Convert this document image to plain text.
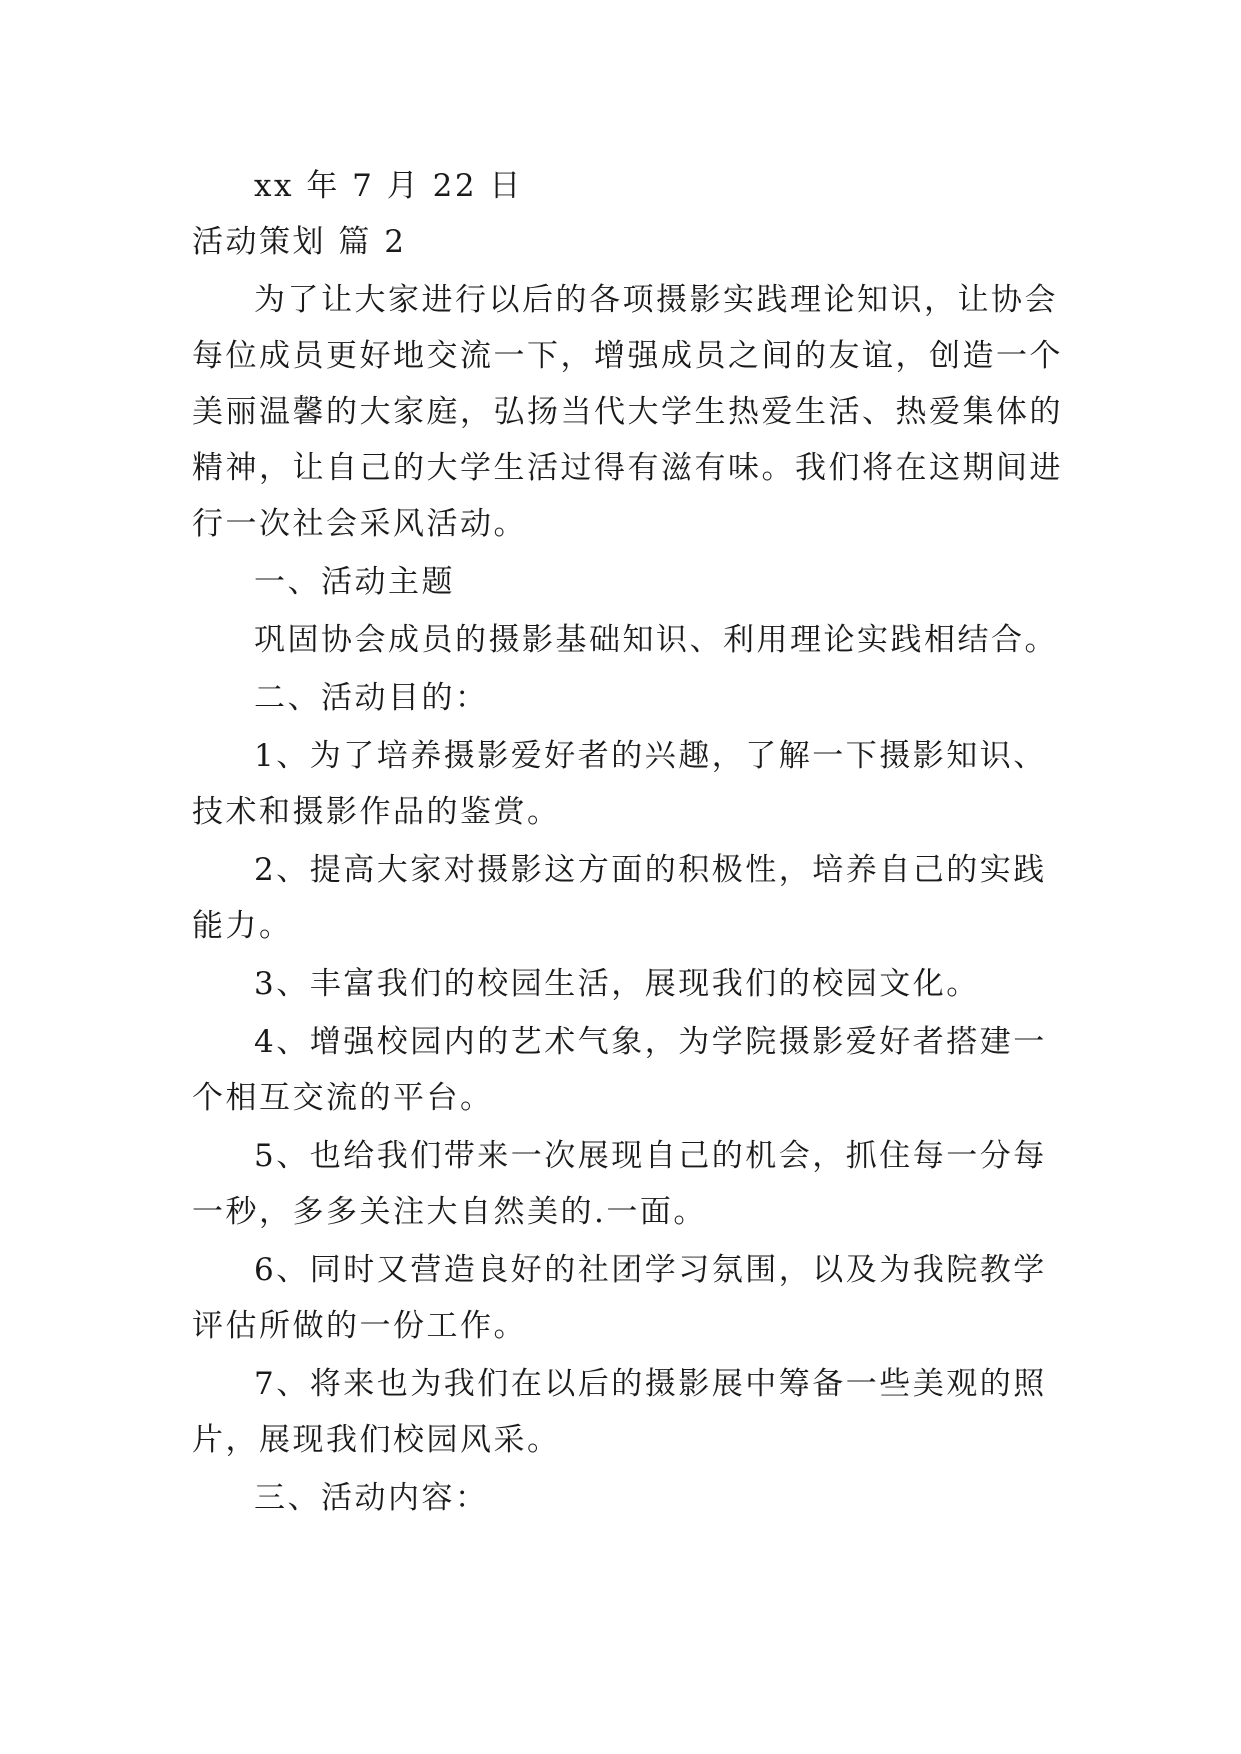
xx 年 7 月 22 日
活动策划 篇 2
为了让大家进行以后的各项摄影实践理论知识，让协会
每位成员更好地交流一下，增强成员之间的友谊，创造一个
美丽温馨的大家庭，弘扬当代大学生热爱生活、热爱集体的
精神，让自己的大学生活过得有滋有味。我们将在这期间进
行一次社会采风活动。
一、活动主题
巩固协会成员的摄影基础知识、利用理论实践相结合。
二、活动目的：
1、为了培养摄影爱好者的兴趣，了解一下摄影知识、
技术和摄影作品的鉴赏。
2、提高大家对摄影这方面的积极性，培养自己的实践
能力。
3、丰富我们的校园生活，展现我们的校园文化。
4、增强校园内的艺术气象，为学院摄影爱好者搭建一
个相互交流的平台。
5、也给我们带来一次展现自己的机会，抓住每一分每
一秒，多多关注大自然美的.一面。
6、同时又营造良好的社团学习氛围，以及为我院教学
评估所做的一份工作。
7、将来也为我们在以后的摄影展中筹备一些美观的照
片，展现我们校园风采。
三、活动内容：
